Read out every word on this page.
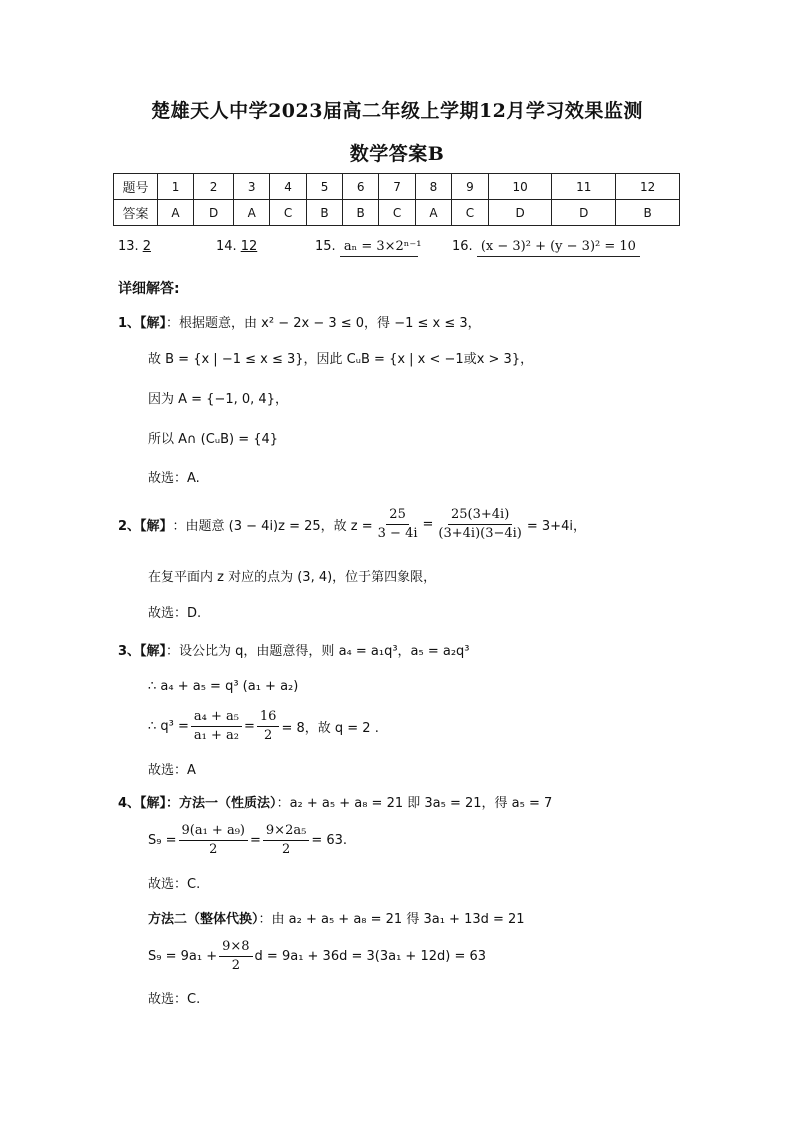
楚雄天人中学2023届高二年级上学期12月学习效果监测
数学答案B
题号	1	2	3	4	5	6	7	8	9	10	11	12
答案	A	D	A	C	B	B	C	A	C	D	D	B
13. 2	14. 12	15. aₙ = 3×2ⁿ⁻¹ 16. (x − 3)² + (y − 3)² = 10
详细解答:
1、【解】：根据题意，由 x² − 2x − 3 ≤ 0，得 −1 ≤ x ≤ 3，
故 B = {x | −1 ≤ x ≤ 3}，因此 CᵤB = {x | x < −1或x > 3}，
因为 A = {−1, 0, 4}，
所以 A∩ (CᵤB) = {4}
故选：A.
2、【解】 ：由题意 (3 − 4i)z = 25，故 $z = \frac{25}{3 - 4i} = \frac{25(3+4i)}{(3+4i)(3-4i)} = 3+4i$，
在复平面内 z 对应的点为 (3, 4)，位于第四象限，
故选：D.
3、【解】：设公比为 q，由题意得，则 a₄ = a₁q³，a₅ = a₂q³
∴ a₄ + a₅ = q³ (a₁ + a₂)
∴ $q^3 = \frac{\text{a₄ + a₅}}{\text{a₁ + a₂}} = \frac{16}{2} = 8$，故 q = 2 .
故选：A
4、【解】：方法一（性质法）：a₂ + a₅ + a₈ = 21 即 3a₅ = 21，得 a₅ = 7
$S_9 = \frac{\text{9(a₁ + a₉)}}{2} = \frac{\text{9×2a₅}}{2} = 63$.
故选：C.
方法二（整体代换）：由 a₂ + a₅ + a₈ = 21 得 3a₁ + 13d = 21
$S_9 = 9a_1 + \frac{9\times 8}{2}$ d = 9a₁ + 36d = 3(3a₁ + 12d) = 63
故选：C.
